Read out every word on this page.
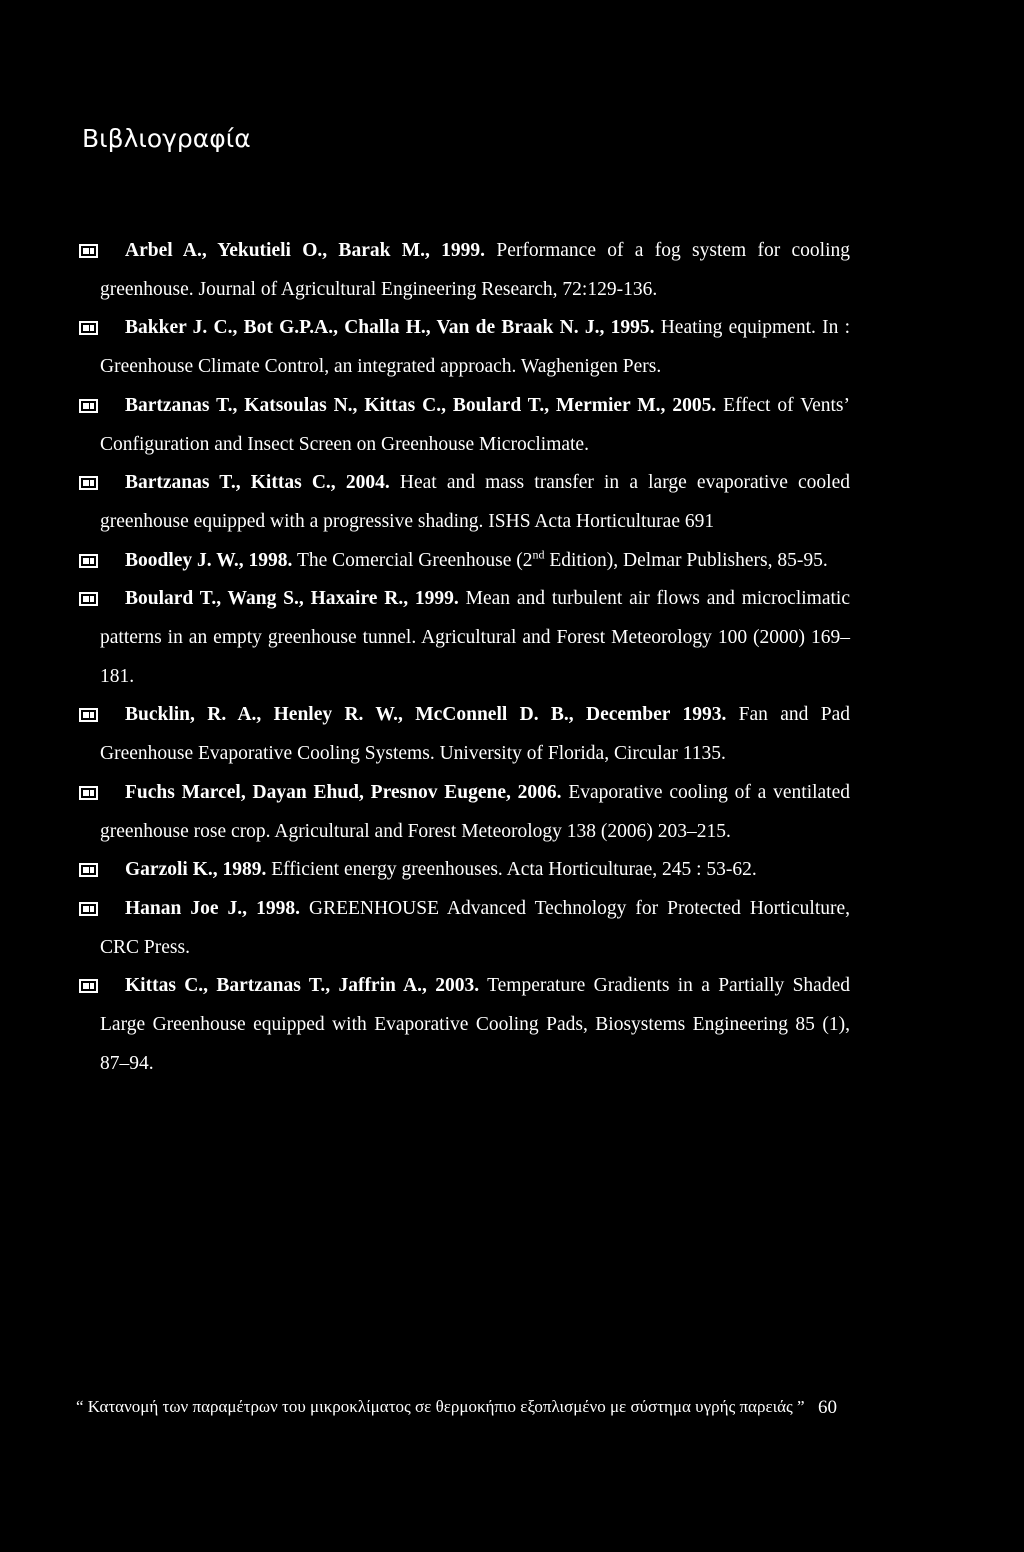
Βιβλιογραφία

Arbel A., Yekutieli O., Barak M., 1999. Performance of a fog system for cooling greenhouse. Journal of Agricultural Engineering Research, 72:129-136.

Bakker J. C., Bot G.P.A., Challa H., Van de Braak N. J., 1995. Heating equipment. In : Greenhouse Climate Control, an integrated approach. Waghenigen Pers.

Bartzanas T., Katsoulas N., Kittas C., Boulard T., Mermier M., 2005. Effect of Vents’ Configuration and Insect Screen on Greenhouse Microclimate.

Bartzanas T., Kittas C., 2004. Heat and mass transfer in a large evaporative cooled greenhouse equipped with a progressive shading. ISHS Acta Horticulturae 691

Boodley J. W., 1998. The Comercial Greenhouse (2nd Edition), Delmar Publishers, 85-95.

Boulard T., Wang S., Haxaire R., 1999. Mean and turbulent air flows and microclimatic patterns in an empty greenhouse tunnel. Agricultural and Forest Meteorology 100 (2000) 169–181.

Bucklin, R. A., Henley R. W., McConnell D. B., December 1993. Fan and Pad Greenhouse Evaporative Cooling Systems. University of Florida, Circular 1135.

Fuchs Marcel, Dayan Ehud, Presnov Eugene, 2006. Evaporative cooling of a ventilated greenhouse rose crop. Agricultural and Forest Meteorology 138 (2006) 203–215.

Garzoli K., 1989. Efficient energy greenhouses. Acta Horticulturae, 245 : 53-62.

Hanan Joe J., 1998. GREENHOUSE Advanced Technology for Protected Horticulture, CRC Press.

Kittas C., Bartzanas T., Jaffrin A., 2003. Temperature Gradients in a Partially Shaded Large Greenhouse equipped with Evaporative Cooling Pads, Biosystems Engineering 85 (1), 87–94.

“ Κατανομή των παραμέτρων του μικροκλίματος σε θερμοκήπιο εξοπλισμένο με σύστημα υγρής παρειάς ” 60
